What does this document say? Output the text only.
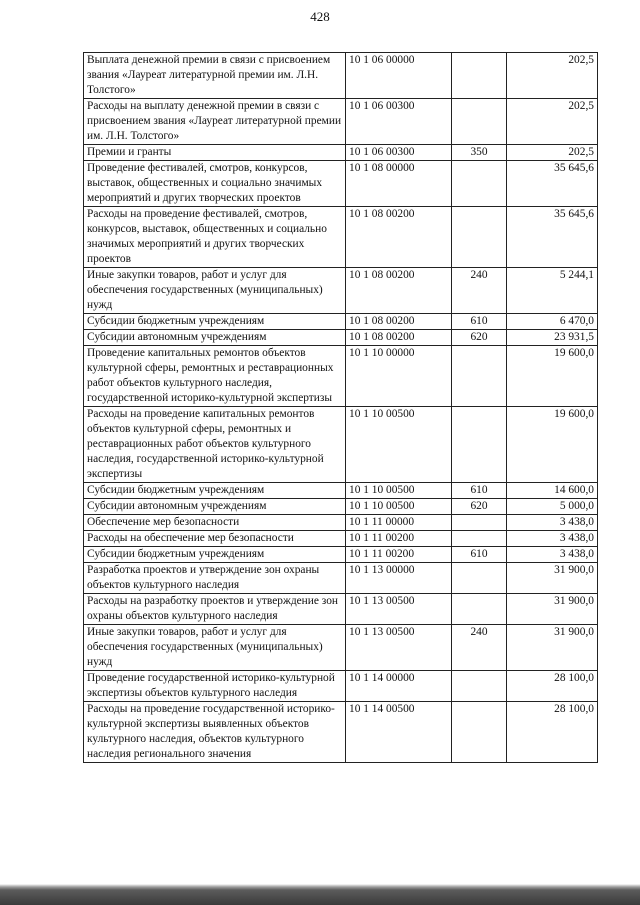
428
Выплата денежной премии в связи с присвоением звания «Лауреат литературной премии им. Л.Н. Толстого»	10 1 06 00000		202,5
Расходы на выплату денежной премии в связи с присвоением звания «Лауреат литературной премии им. Л.Н. Толстого»	10 1 06 00300		202,5
Премии и гранты	10 1 06 00300	350	202,5
Проведение фестивалей, смотров, конкурсов, выставок, общественных и социально значимых мероприятий и других творческих проектов	10 1 08 00000		35 645,6
Расходы на проведение фестивалей, смотров, конкурсов, выставок, общественных и социально значимых мероприятий и других творческих проектов	10 1 08 00200		35 645,6
Иные закупки товаров, работ и услуг для обеспечения государственных (муниципальных) нужд	10 1 08 00200	240	5 244,1
Субсидии бюджетным учреждениям	10 1 08 00200	610	6 470,0
Субсидии автономным учреждениям	10 1 08 00200	620	23 931,5
Проведение капитальных ремонтов объектов культурной сферы, ремонтных и реставрационных работ объектов культурного наследия, государственной историко-культурной экспертизы	10 1 10 00000		19 600,0
Расходы на проведение капитальных ремонтов объектов культурной сферы, ремонтных и реставрационных работ объектов культурного наследия, государственной историко-культурной экспертизы	10 1 10 00500		19 600,0
Субсидии бюджетным учреждениям	10 1 10 00500	610	14 600,0
Субсидии автономным учреждениям	10 1 10 00500	620	5 000,0
Обеспечение мер безопасности	10 1 11 00000		3 438,0
Расходы на обеспечение мер безопасности	10 1 11 00200		3 438,0
Субсидии бюджетным учреждениям	10 1 11 00200	610	3 438,0
Разработка проектов и утверждение зон охраны объектов культурного наследия	10 1 13 00000		31 900,0
Расходы на разработку проектов и утверждение зон охраны объектов культурного наследия	10 1 13 00500		31 900,0
Иные закупки товаров, работ и услуг для обеспечения государственных (муниципальных) нужд	10 1 13 00500	240	31 900,0
Проведение государственной историко-культурной экспертизы объектов культурного наследия	10 1 14 00000		28 100,0
Расходы на проведение государственной историко-культурной экспертизы выявленных объектов культурного наследия, объектов культурного наследия регионального значения	10 1 14 00500		28 100,0
